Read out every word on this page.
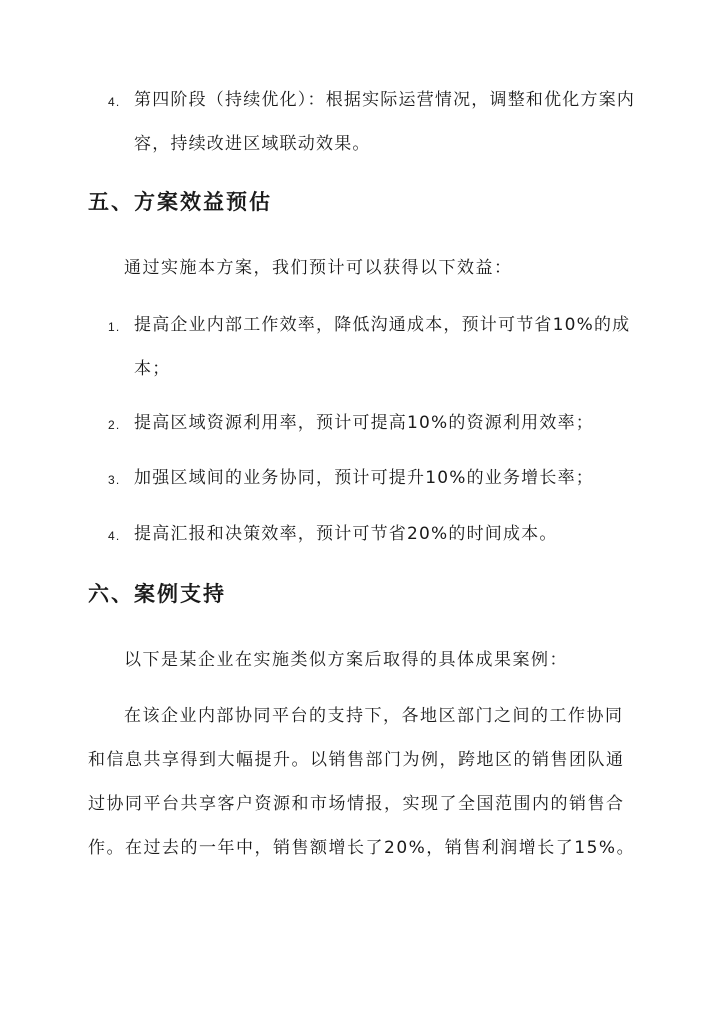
4. 第四阶段（持续优化）：根据实际运营情况，调整和优化方案内容，持续改进区域联动效果。
五、方案效益预估
通过实施本方案，我们预计可以获得以下效益：
1. 提高企业内部工作效率，降低沟通成本，预计可节省10%的成本；
2. 提高区域资源利用率，预计可提高10%的资源利用效率；
3. 加强区域间的业务协同，预计可提升10%的业务增长率；
4. 提高汇报和决策效率，预计可节省20%的时间成本。
六、案例支持
以下是某企业在实施类似方案后取得的具体成果案例：
在该企业内部协同平台的支持下，各地区部门之间的工作协同和信息共享得到大幅提升。以销售部门为例，跨地区的销售团队通过协同平台共享客户资源和市场情报，实现了全国范围内的销售合作。在过去的一年中，销售额增长了20%，销售利润增长了15%。
